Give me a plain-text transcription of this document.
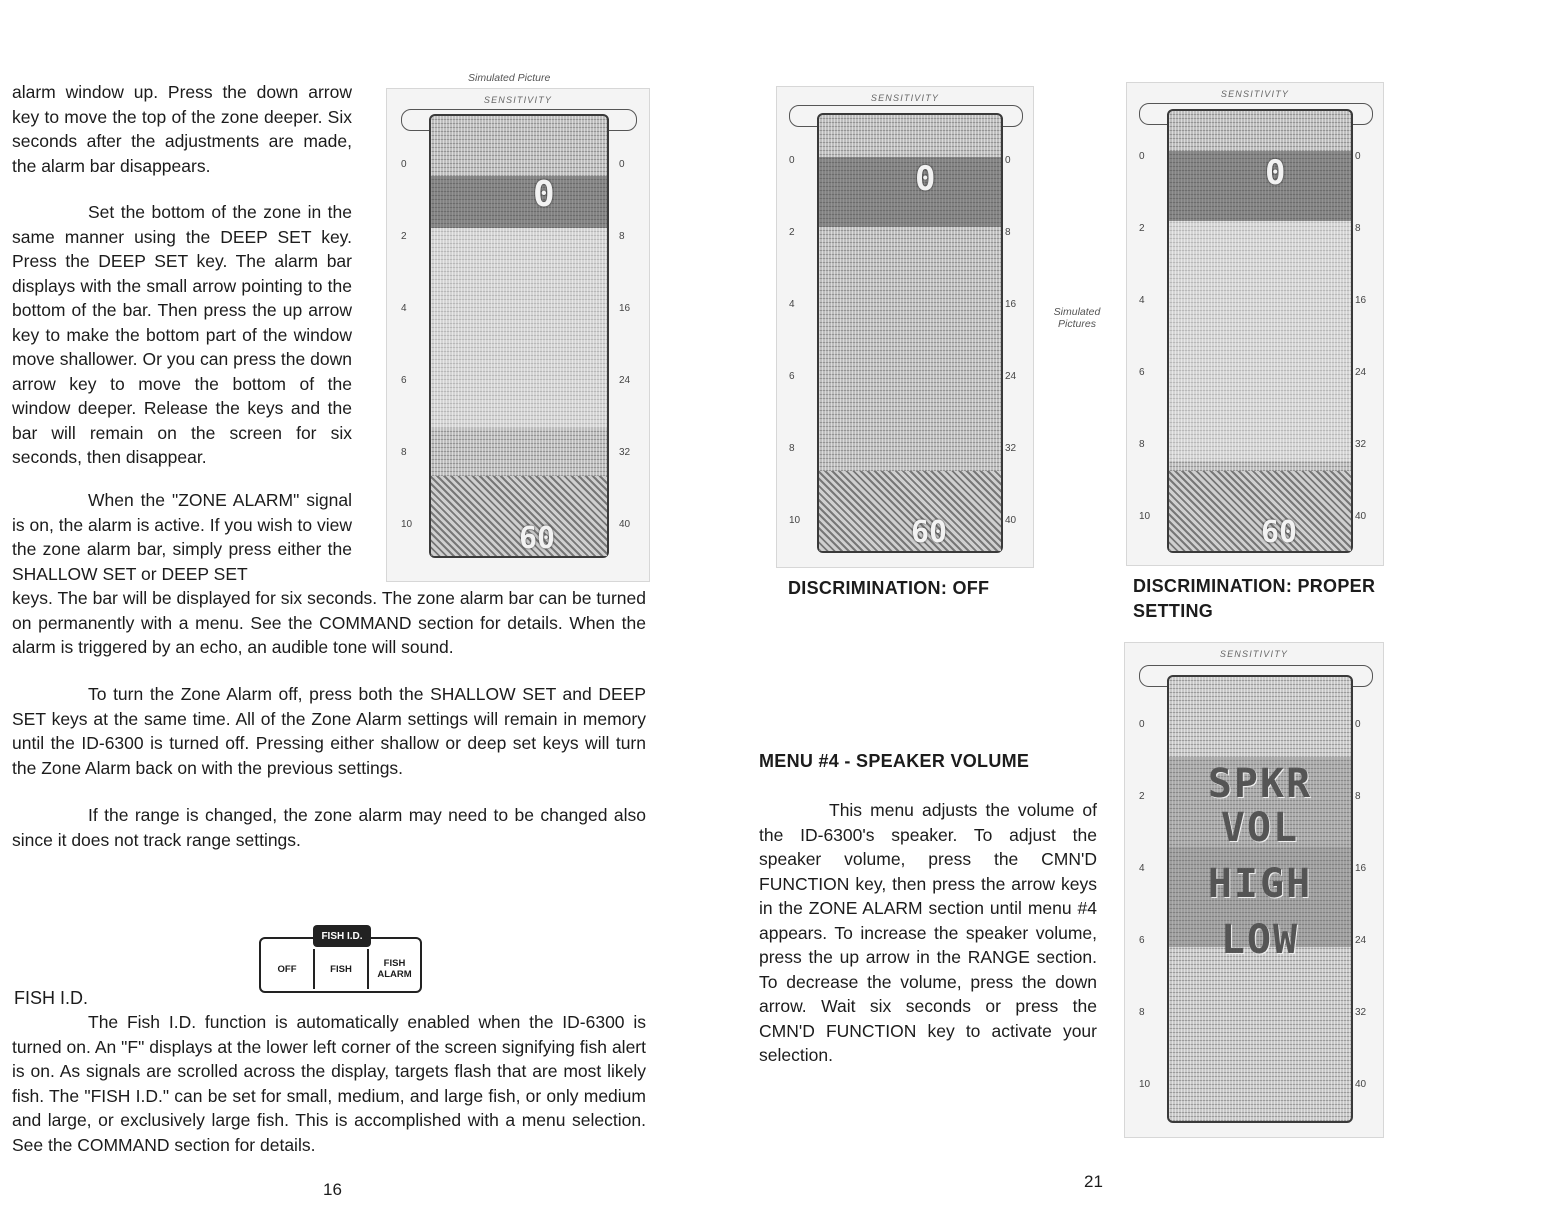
alarm window up. Press the down arrow key to move the top of the zone deeper. Six seconds after the adjustments are made, the alarm bar disappears.

Set the bottom of the zone in the same manner using the DEEP SET key. Press the DEEP SET key. The alarm bar displays with the small arrow pointing to the bottom of the bar. Then press the up arrow key to make the bottom part of the window move shallower. Or you can press the down arrow key to move the bottom of the window deeper. Release the keys and the bar will remain on the screen for six seconds, then disappear.

When the "ZONE ALARM" signal is on, the alarm is active. If you wish to view the zone alarm bar, simply press either the SHALLOW SET or DEEP SET

keys. The bar will be displayed for six seconds. The zone alarm bar can be turned on permanently with a menu. See the COMMAND section for details. When the alarm is triggered by an echo, an audible tone will sound.

To turn the Zone Alarm off, press both the SHALLOW SET and DEEP SET keys at the same time. All of the Zone Alarm settings will remain in memory until the ID-6300 is turned off. Pressing either shallow or deep set keys will turn the Zone Alarm back on with the previous settings.

If the range is changed, the zone alarm may need to be changed also since it does not track range settings.

Simulated Picture
SENSITIVITY
0
60
0
2
4
6
8
10
0
8
16
24
32
40
FISH I.D.
OFF	FISH	FISH
ALARM
FISH I.D.

The Fish I.D. function is automatically enabled when the ID-6300 is turned on. An "F" displays at the lower left corner of the screen signifying fish alert is on. As signals are scrolled across the display, targets flash that are most likely fish. The "FISH I.D." can be set for small, medium, and large fish, or only medium and large, or exclusively large fish. This is accomplished with a menu selection. See the COMMAND section for details.

16
SENSITIVITY
0
60
0
2
4
6
8
10
0
8
16
24
32
40
DISCRIMINATION: OFF
Simulated
Pictures
SENSITIVITY
0
60
0
2
4
6
8
10
0
8
16
24
32
40
DISCRIMINATION: PROPER SETTING
MENU #4 - SPEAKER VOLUME

This menu adjusts the volume of the ID-6300's speaker. To adjust the speaker volume, press the CMN'D FUNCTION key, then press the arrow keys in the ZONE ALARM section until menu #4 appears. To increase the speaker volume, press the up arrow in the RANGE section. To decrease the volume, press the down arrow. Wait six seconds or press the CMN'D FUNCTION key to activate your selection.

SENSITIVITY
SPKR
VOL
HIGH
LOW
0
2
4
6
8
10
0
8
16
24
32
40
21
